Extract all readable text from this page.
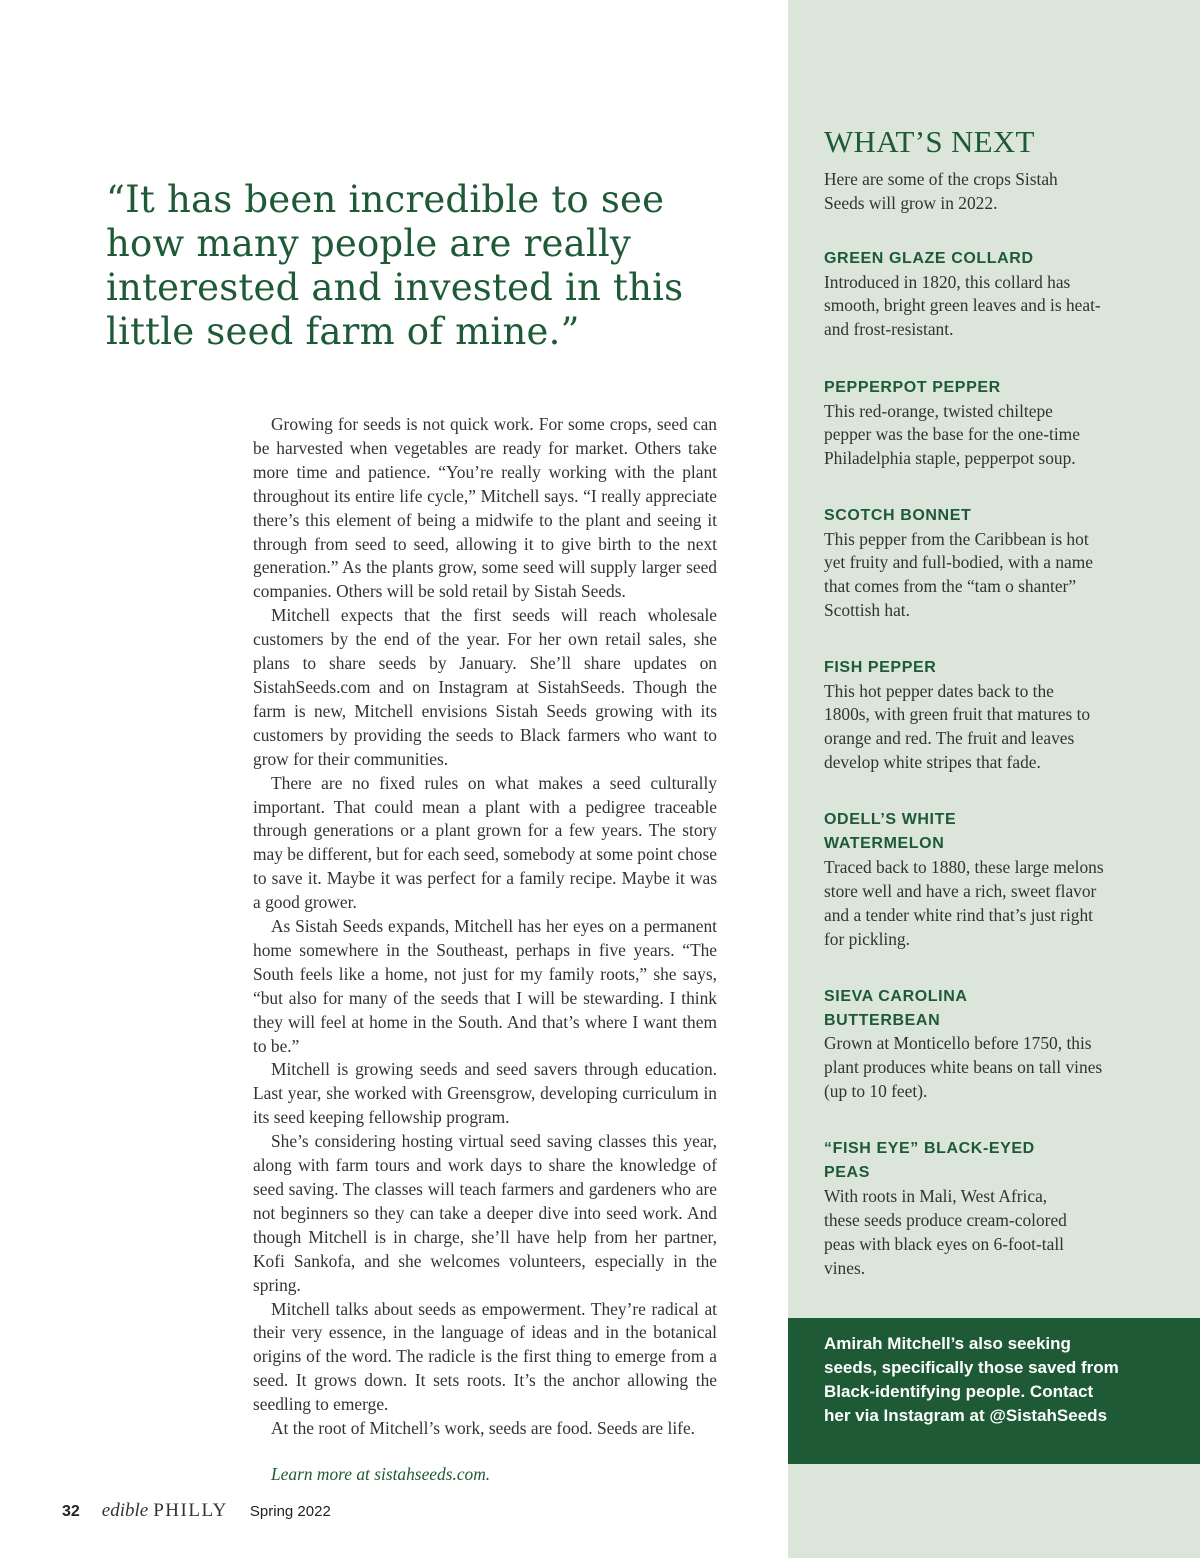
“It has been incredible to see how many people are really interested and invested in this little seed farm of mine.”

Growing for seeds is not quick work. For some crops, seed can be harvested when vegetables are ready for market. Others take more time and patience. “You’re really working with the plant throughout its entire life cycle,” Mitchell says. “I really appreciate there’s this element of being a midwife to the plant and seeing it through from seed to seed, allowing it to give birth to the next generation.” As the plants grow, some seed will supply larger seed companies. Others will be sold retail by Sistah Seeds.

Mitchell expects that the first seeds will reach wholesale customers by the end of the year. For her own retail sales, she plans to share seeds by January. She’ll share updates on SistahSeeds.com and on Instagram at SistahSeeds. Though the farm is new, Mitchell envisions Sistah Seeds growing with its customers by providing the seeds to Black farmers who want to grow for their communities.

There are no fixed rules on what makes a seed culturally important. That could mean a plant with a pedigree traceable through generations or a plant grown for a few years. The story may be different, but for each seed, somebody at some point chose to save it. Maybe it was perfect for a family recipe. Maybe it was a good grower.

As Sistah Seeds expands, Mitchell has her eyes on a permanent home somewhere in the Southeast, perhaps in five years. “The South feels like a home, not just for my family roots,” she says, “but also for many of the seeds that I will be stewarding. I think they will feel at home in the South. And that’s where I want them to be.”

Mitchell is growing seeds and seed savers through education. Last year, she worked with Greensgrow, developing curriculum in its seed keeping fellowship program.

She’s considering hosting virtual seed saving classes this year, along with farm tours and work days to share the knowledge of seed saving. The classes will teach farmers and gardeners who are not beginners so they can take a deeper dive into seed work. And though Mitchell is in charge, she’ll have help from her partner, Kofi Sankofa, and she welcomes volunteers, especially in the spring.

Mitchell talks about seeds as empowerment. They’re radical at their very essence, in the language of ideas and in the botanical origins of the word. The radicle is the first thing to emerge from a seed. It grows down. It sets roots. It’s the anchor allowing the seedling to emerge.

At the root of Mitchell’s work, seeds are food. Seeds are life.

Learn more at sistahseeds.com.

WHAT’S NEXT

Here are some of the crops Sistah Seeds will grow in 2022.

GREEN GLAZE COLLARD

Introduced in 1820, this collard has smooth, bright green leaves and is heat- and frost-resistant.

PEPPERPOT PEPPER

This red-orange, twisted chiltepe pepper was the base for the one-time Philadelphia staple, pepperpot soup.

SCOTCH BONNET

This pepper from the Caribbean is hot yet fruity and full-bodied, with a name that comes from the “tam o shanter” Scottish hat.

FISH PEPPER

This hot pepper dates back to the 1800s, with green fruit that matures to orange and red. The fruit and leaves develop white stripes that fade.

ODELL’S WHITE WATERMELON

Traced back to 1880, these large melons store well and have a rich, sweet flavor and a tender white rind that’s just right for pickling.

SIEVA CAROLINA BUTTERBEAN

Grown at Monticello before 1750, this plant produces white beans on tall vines (up to 10 feet).

“FISH EYE” BLACK-EYED PEAS

With roots in Mali, West Africa, these seeds produce cream-colored peas with black eyes on 6-foot-tall vines.

Amirah Mitchell’s also seeking seeds, specifically those saved from Black-identifying people. Contact her via Instagram at @SistahSeeds

32 edible PHILLY Spring 2022
